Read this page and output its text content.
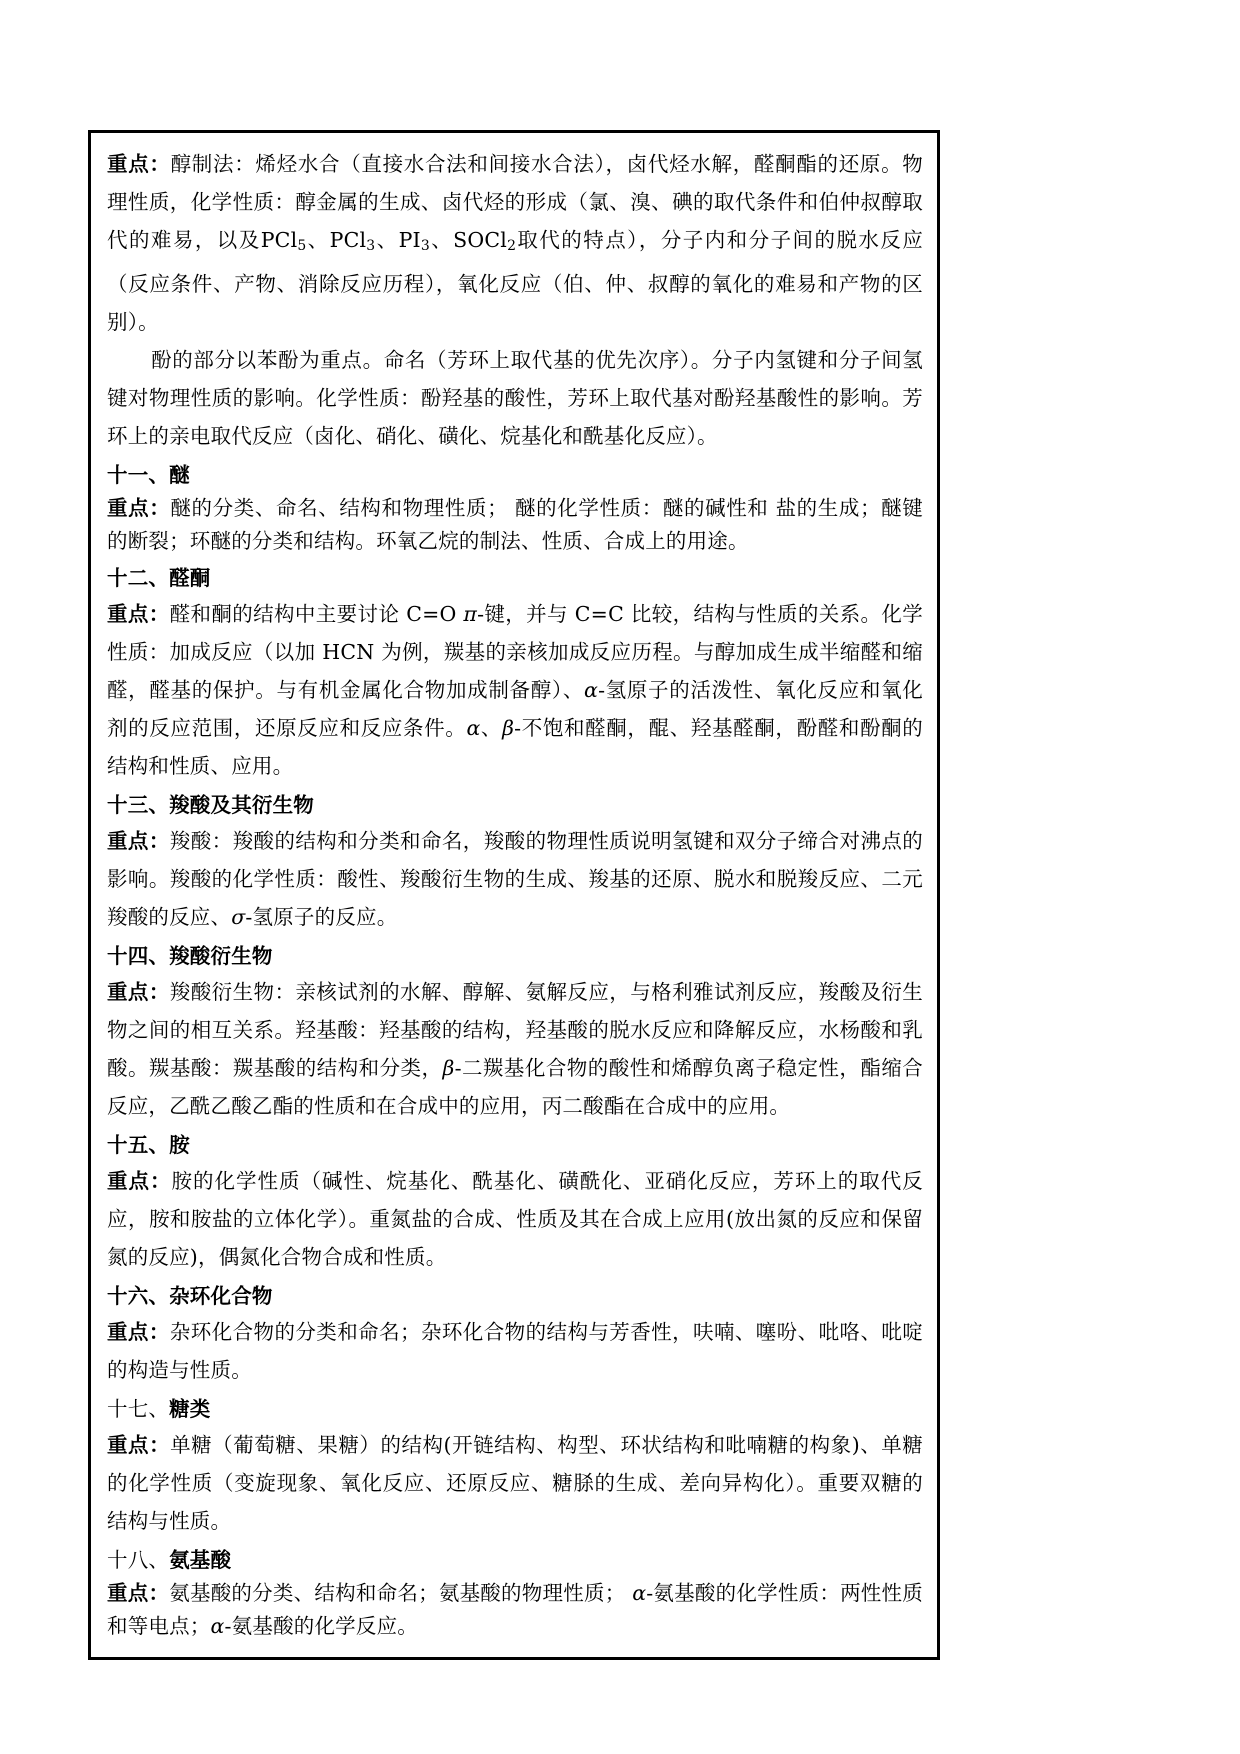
重点：醇制法：烯烃水合（直接水合法和间接水合法），卤代烃水解，醛酮酯的还原。物理性质，化学性质：醇金属的生成、卤代烃的形成（氯、溴、碘的取代条件和伯仲叔醇取代的难易，以及PCl$_5$、PCl$_3$、$PI_3$、SOCl$_2$取代的特点），分子内和分子间的脱水反应（反应条件、产物、消除反应历程），氧化反应（伯、仲、叔醇的氧化的难易和产物的区别）。

酚的部分以苯酚为重点。命名（芳环上取代基的优先次序）。分子内氢键和分子间氢键对物理性质的影响。化学性质：酚羟基的酸性，芳环上取代基对酚羟基酸性的影响。芳环上的亲电取代反应（卤化、硝化、磺化、烷基化和酰基化反应）。

十一、醚

重点：醚的分类、命名、结构和物理性质； 醚的化学性质：醚的碱性和 盐的生成；醚键的断裂；环醚的分类和结构。环氧乙烷的制法、性质、合成上的用途。

十二、醛酮

重点：醛和酮的结构中主要讨论 C=O π-键，并与 C=C 比较，结构与性质的关系。化学性质：加成反应（以加 HCN 为例，羰基的亲核加成反应历程。与醇加成生成半缩醛和缩醛，醛基的保护。与有机金属化合物加成制备醇）、α-氢原子的活泼性、氧化反应和氧化剂的反应范围，还原反应和反应条件。α、β-不饱和醛酮，醌、羟基醛酮，酚醛和酚酮的结构和性质、应用。

十三、羧酸及其衍生物

重点：羧酸：羧酸的结构和分类和命名，羧酸的物理性质说明氢键和双分子缔合对沸点的影响。羧酸的化学性质：酸性、羧酸衍生物的生成、羧基的还原、脱水和脱羧反应、二元羧酸的反应、σ-氢原子的反应。

十四、羧酸衍生物

重点：羧酸衍生物：亲核试剂的水解、醇解、氨解反应，与格利雅试剂反应，羧酸及衍生物之间的相互关系。羟基酸：羟基酸的结构，羟基酸的脱水反应和降解反应，水杨酸和乳酸。羰基酸：羰基酸的结构和分类，β-二羰基化合物的酸性和烯醇负离子稳定性，酯缩合反应，乙酰乙酸乙酯的性质和在合成中的应用，丙二酸酯在合成中的应用。

十五、胺

重点：胺的化学性质（碱性、烷基化、酰基化、磺酰化、亚硝化反应，芳环上的取代反应，胺和胺盐的立体化学）。重氮盐的合成、性质及其在合成上应用(放出氮的反应和保留氮的反应)，偶氮化合物合成和性质。

十六、杂环化合物

重点：杂环化合物的分类和命名；杂环化合物的结构与芳香性，呋喃、噻吩、吡咯、吡啶的构造与性质。

十七、糖类

重点：单糖（葡萄糖、果糖）的结构(开链结构、构型、环状结构和吡喃糖的构象)、单糖的化学性质（变旋现象、氧化反应、还原反应、糖脎的生成、差向异构化）。重要双糖的结构与性质。

十八、氨基酸

重点：氨基酸的分类、结构和命名；氨基酸的物理性质； α-氨基酸的化学性质：两性性质和等电点；α-氨基酸的化学反应。
